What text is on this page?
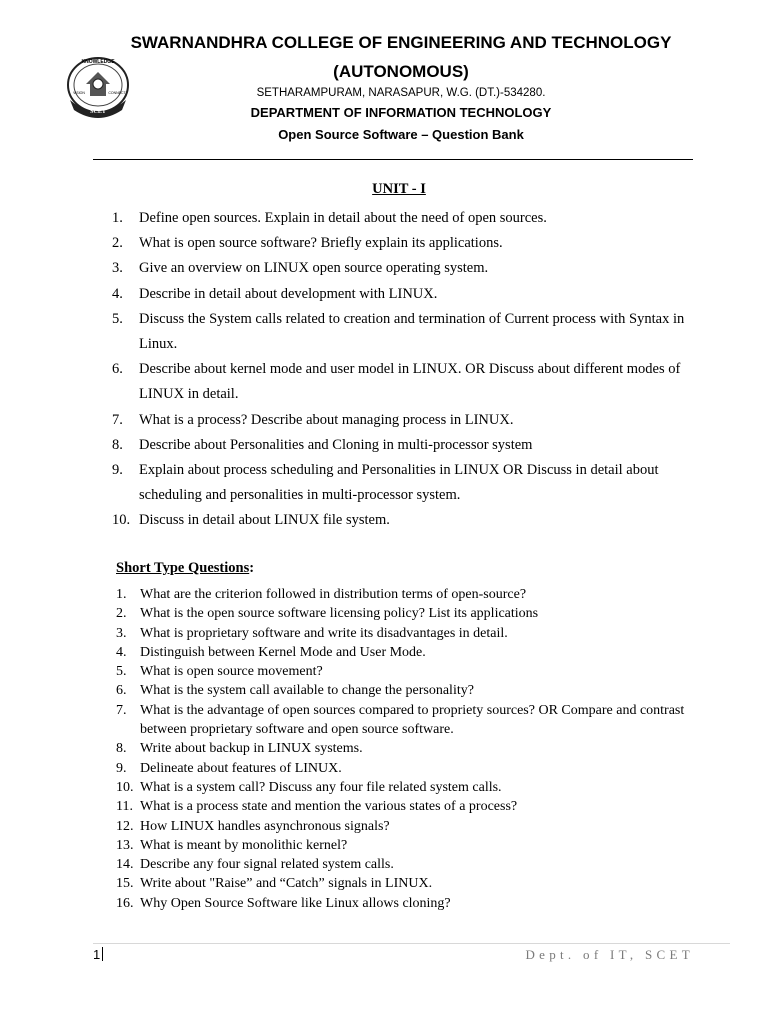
KNOWLEDGE
VISION	CONNECT
SCET
SWARNANDHRA COLLEGE OF ENGINEERING AND TECHNOLOGY
(AUTONOMOUS)
SETHARAMPURAM, NARASAPUR, W.G. (DT.)-534280.
DEPARTMENT OF INFORMATION TECHNOLOGY
Open Source Software – Question Bank
UNIT - I
1.	Define open sources. Explain in detail about the need of open sources.
2.	What is open source software? Briefly explain its applications.
3.	Give an overview on LINUX open source operating system.
4.	Describe in detail about development with LINUX.
5.	Discuss the System calls related to creation and termination of Current process with Syntax in Linux.
6.	Describe about kernel mode and user model in LINUX. OR Discuss about different modes of LINUX in detail.
7.	What is a process? Describe about managing process in LINUX.
8.	Describe about Personalities and Cloning in multi-processor system
9.	Explain about process scheduling and Personalities in LINUX OR Discuss in detail about scheduling and personalities in multi-processor system.
10. Discuss in detail about LINUX file system.
Short Type Questions:
1. What are the criterion followed in distribution terms of open-source?
2. What is the open source software licensing policy? List its applications
3. What is proprietary software and write its disadvantages in detail.
4. Distinguish between Kernel Mode and User Mode.
5. What is open source movement?
6. What is the system call available to change the personality?
7. What is the advantage of open sources compared to propriety sources? OR Compare and contrast between proprietary software and open source software.
8. Write about backup in LINUX systems.
9. Delineate about features of LINUX.
10. What is a system call? Discuss any four file related system calls.
11. What is a process state and mention the various states of a process?
12. How LINUX handles asynchronous signals?
13. What is meant by monolithic kernel?
14. Describe any four signal related system calls.
15. Write about "Raise” and “Catch” signals in LINUX.
16. Why Open Source Software like Linux allows cloning?
1	Dept. of IT, SCET
